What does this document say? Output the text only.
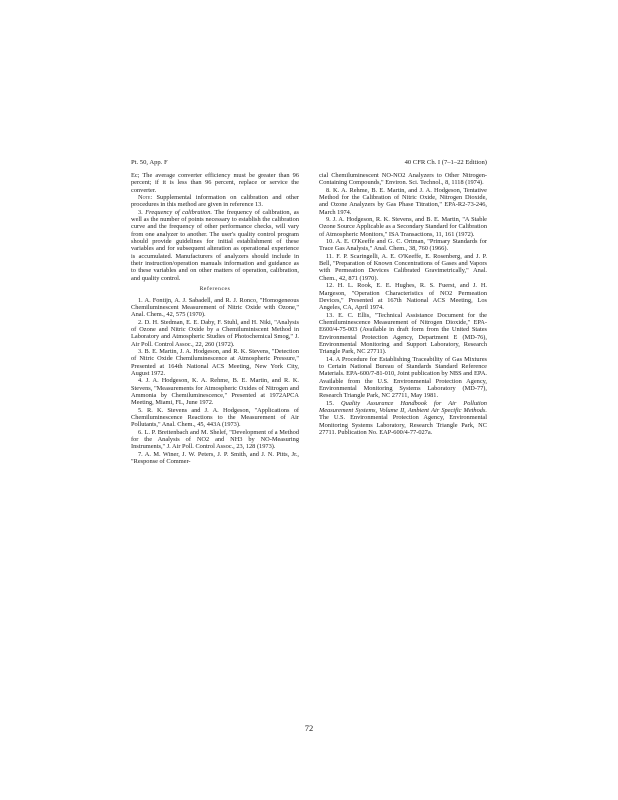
Pt. 50, App. F	40 CFR Ch. I (7–1–22 Edition)

Ec; The average converter efficiency must be greater than 96 percent; if it is less than 96 percent, replace or service the converter.

Note: Supplemental information on calibration and other procedures in this method are given in reference 13.

3. Frequency of calibration. The frequency of calibration, as well as the number of points necessary to establish the calibration curve and the frequency of other performance checks, will vary from one analyzer to another. The user's quality control program should provide guidelines for initial establishment of these variables and for subsequent alteration as operational experience is accumulated. Manufacturers of analyzers should include in their instruction/operation manuals information and guidance as to these variables and on other matters of operation, calibration, and quality control.

References

1. A. Fontijn, A. J. Sabadell, and R. J. Ronco, "Homogeneous Chemiluminescent Measurement of Nitric Oxide with Ozone," Anal. Chem., 42, 575 (1970).

2. D. H. Stedman, E. E. Daby, F. Stuhl, and H. Niki, "Analysis of Ozone and Nitric Oxide by a Chemiluminiscent Method in Laboratory and Atmospheric Studies of Photochemical Smog," J. Air Poll. Control Assoc., 22, 260 (1972).

3. B. E. Martin, J. A. Hodgeson, and R. K. Stevens, "Detection of Nitric Oxide Chemiluminescence at Atmospheric Pressure," Presented at 164th National ACS Meeting, New York City, August 1972.

4. J. A. Hodgeson, K. A. Rehme, B. E. Martin, and R. K. Stevens, "Measurements for Atmospheric Oxides of Nitrogen and Ammonia by Chemiluminescence," Presented at 1972APCA Meeting, Miami, FL, June 1972.

5. R. K. Stevens and J. A. Hodgeson, "Applications of Chemiluminescence Reactions to the Measurement of Air Pollutants," Anal. Chem., 45, 443A (1973).

6. L. P. Breitenbach and M. Shelef, "Development of a Method for the Analysis of NO2 and NH3 by NO-Measuring Instruments," J. Air Poll. Control Assoc., 23, 128 (1973).

7. A. M. Winer, J. W. Peters, J. P. Smith, and J. N. Pitts, Jr., "Response of Commer-

cial Chemiluminescent NO-NO2 Analyzers to Other Nitrogen-Containing Compounds," Environ. Sci. Technol., 8, 1118 (1974).

8. K. A. Rehme, B. E. Martin, and J. A. Hodgeson, Tentative Method for the Calibration of Nitric Oxide, Nitrogen Dioxide, and Ozone Analyzers by Gas Phase Titration," EPA-R2-73-246, March 1974.

9. J. A. Hodgeson, R. K. Stevens, and B. E. Martin, "A Stable Ozone Source Applicable as a Secondary Standard for Calibration of Atmospheric Monitors," ISA Transactions, 11, 161 (1972).

10. A. E. O'Keeffe and G. C. Ortman, "Primary Standards for Trace Gas Analysis," Anal. Chem., 38, 760 (1966).

11. F. P. Scaringelli, A. E. O'Keeffe, E. Rosenberg, and J. P. Bell, "Preparation of Known Concentrations of Gases and Vapors with Permeation Devices Calibrated Gravimetrically," Anal. Chem., 42, 871 (1970).

12. H. L. Rook, E. E. Hughes, R. S. Fuerst, and J. H. Margeson, "Operation Characteristics of NO2 Permeation Devices," Presented at 167th National ACS Meeting, Los Angeles, CA, April 1974.

13. E. C. Ellis, "Technical Assistance Document for the Chemiluminescence Measurement of Nitrogen Dioxide," EPA-E600/4-75-003 (Available in draft form from the United States Environmental Protection Agency, Department E (MD-76), Environmental Monitoring and Support Laboratory, Research Triangle Park, NC 27711).

14. A Procedure for Establishing Traceability of Gas Mixtures to Certain National Bureau of Standards Standard Reference Materials. EPA-600/7-81-010, Joint publication by NBS and EPA. Available from the U.S. Environmental Protection Agency, Environmental Monitoring Systems Laboratory (MD-77), Research Triangle Park, NC 27711, May 1981.

15. Quality Assurance Handbook for Air Pollution Measurement Systems, Volume II, Ambient Air Specific Methods. The U.S. Environmental Protection Agency, Environmental Monitoring Systems Laboratory, Research Triangle Park, NC 27711. Publication No. EAP-600/4-77-027a.

72
